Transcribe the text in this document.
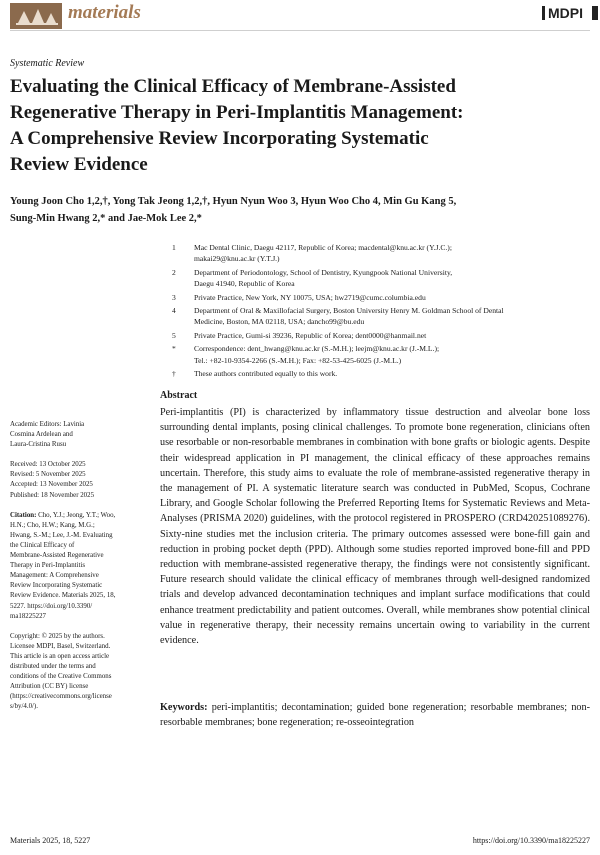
materials	MDPI
Systematic Review
Evaluating the Clinical Efficacy of Membrane-Assisted
Regenerative Therapy in Peri-Implantitis Management:
A Comprehensive Review Incorporating Systematic
Review Evidence
Young Joon Cho 1,2,†, Yong Tak Jeong 1,2,†, Hyun Nyun Woo 3, Hyun Woo Cho 4, Min Gu Kang 5,
Sung-Min Hwang 2,* and Jae-Mok Lee 2,*
1	Mac Dental Clinic, Daegu 42117, Republic of Korea; macdental@knu.ac.kr (Y.J.C.);
makai29@knu.ac.kr (Y.T.J.)
2	Department of Periodontology, School of Dentistry, Kyungpook National University,
Daegu 41940, Republic of Korea
3	Private Practice, New York, NY 10075, USA; hw2719@cumc.columbia.edu
4	Department of Oral & Maxillofacial Surgery, Boston University Henry M. Goldman School of Dental
Medicine, Boston, MA 02118, USA; dancho99@bu.edu
5	Private Practice, Gumi-si 39236, Republic of Korea; dent0000@hanmail.net
*	Correspondence: dent_hwang@knu.ac.kr (S.-M.H.); leejm@knu.ac.kr (J.-M.L.);
Tel.: +82-10-9354-2266 (S.-M.H.); Fax: +82-53-425-6025 (J.-M.L.)
†	These authors contributed equally to this work.
Abstract

Peri-implantitis (PI) is characterized by inflammatory tissue destruction and alveolar bone loss surrounding dental implants, posing clinical challenges. To promote bone regeneration, clinicians often use resorbable or non-resorbable membranes in combination with bone grafts or biologic agents. Despite their widespread application in PI management, the clinical efficacy of these approaches remains uncertain. Therefore, this study aims to evaluate the role of membrane-assisted regenerative therapy in the management of PI. A systematic literature search was conducted in PubMed, Scopus, Cochrane Library, and Google Scholar following the Preferred Reporting Items for Systematic Reviews and Meta-Analyses (PRISMA 2020) guidelines, with the protocol registered in PROSPERO (CRD420251089276). Sixty-nine studies met the inclusion criteria. The primary outcomes assessed were bone-fill gain and reduction in probing pocket depth (PPD). Although some studies reported improved bone-fill and PPD reduction with membrane-assisted regenerative therapy, the findings were not consistently significant. Future research should validate the clinical efficacy of membranes through well-designed randomized trials and develop advanced decontamination techniques and implant surface modifications that could enhance treatment predictability and patient outcomes. Overall, while membranes show potential clinical value in regenerative therapy, their necessity remains uncertain owing to variability in the current evidence.

Keywords: peri-implantitis; decontamination; guided bone regeneration; resorbable membranes; non-resorbable membranes; bone regeneration; re-osseointegration

Academic Editors: Lavinia
Cosmina Ardelean and
Laura-Cristina Rusu
Received: 13 October 2025
Revised: 5 November 2025
Accepted: 13 November 2025
Published: 18 November 2025
Citation: Cho, Y.J.; Jeong, Y.T.; Woo,
H.N.; Cho, H.W.; Kang, M.G.;
Hwang, S.-M.; Lee, J.-M. Evaluating
the Clinical Efficacy of
Membrane-Assisted Regenerative
Therapy in Peri-Implantitis
Management: A Comprehensive
Review Incorporating Systematic
Review Evidence. Materials 2025, 18,
5227. https://doi.org/10.3390/
ma18225227
Copyright: © 2025 by the authors.
Licensee MDPI, Basel, Switzerland.
This article is an open access article
distributed under the terms and
conditions of the Creative Commons
Attribution (CC BY) license
(https://creativecommons.org/license
s/by/4.0/).
Materials 2025, 18, 5227	https://doi.org/10.3390/ma18225227
